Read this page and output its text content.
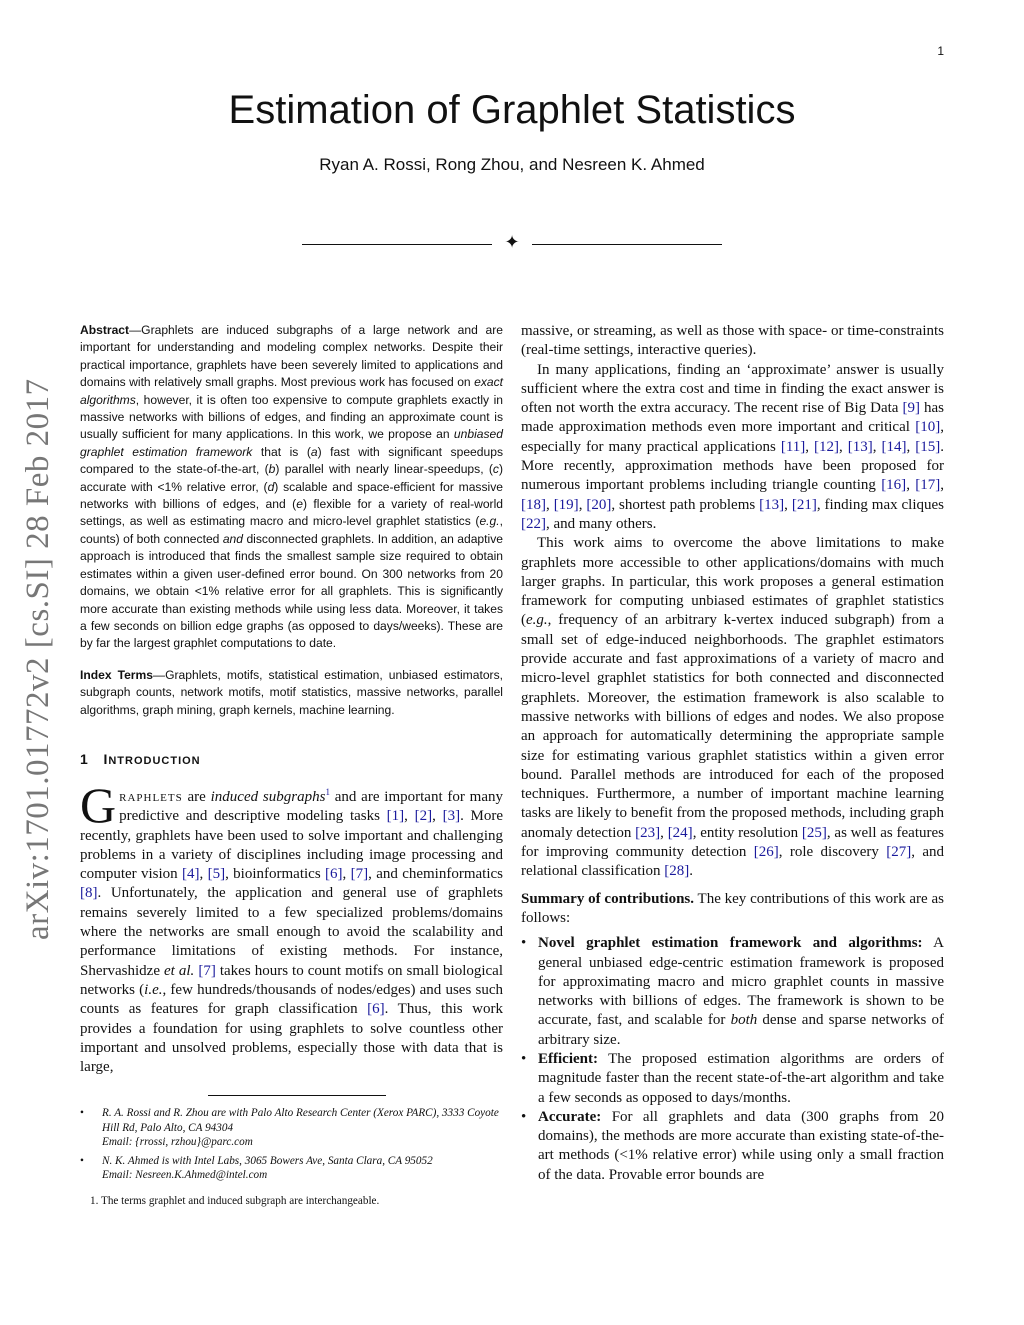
1
Estimation of Graphlet Statistics
Ryan A. Rossi, Rong Zhou, and Nesreen K. Ahmed
✦
arXiv:1701.01772v2 [cs.SI] 28 Feb 2017
Abstract—Graphlets are induced subgraphs of a large network and are important for understanding and modeling complex networks. Despite their practical importance, graphlets have been severely limited to applications and domains with relatively small graphs. Most previous work has focused on exact algorithms, however, it is often too expensive to compute graphlets exactly in massive networks with billions of edges, and finding an approximate count is usually sufficient for many applications. In this work, we propose an unbiased graphlet estimation framework that is (a) fast with significant speedups compared to the state-of-the-art, (b) parallel with nearly linear-speedups, (c) accurate with <1% relative error, (d) scalable and space-efficient for massive networks with billions of edges, and (e) flexible for a variety of real-world settings, as well as estimating macro and micro-level graphlet statistics (e.g., counts) of both connected and disconnected graphlets. In addition, an adaptive approach is introduced that finds the smallest sample size required to obtain estimates within a given user-defined error bound. On 300 networks from 20 domains, we obtain <1% relative error for all graphlets. This is significantly more accurate than existing methods while using less data. Moreover, it takes a few seconds on billion edge graphs (as opposed to days/weeks). These are by far the largest graphlet computations to date.
Index Terms—Graphlets, motifs, statistical estimation, unbiased estimators, subgraph counts, network motifs, motif statistics, massive networks, parallel algorithms, graph mining, graph kernels, machine learning.
1 INTRODUCTION
Graphlets are induced subgraphs$^1$ and are important for many predictive and descriptive modeling tasks [1], [2], [3]. More recently, graphlets have been used to solve important and challenging problems in a variety of disciplines including image processing and computer vision [4], [5], bioinformatics [6], [7], and cheminformatics [8]. Unfortunately, the application and general use of graphlets remains severely limited to a few specialized problems/domains where the networks are small enough to avoid the scalability and performance limitations of existing methods. For instance, Shervashidze et al. [7] takes hours to count motifs on small biological networks (i.e., few hundreds/thousands of nodes/edges) and uses such counts as features for graph classification [6]. Thus, this work provides a foundation for using graphlets to solve countless other important and unsolved problems, especially those with data that is large,
• R. A. Rossi and R. Zhou are with Palo Alto Research Center (Xerox PARC), 3333 Coyote Hill Rd, Palo Alto, CA 94304
Email: {rrossi, rzhou}@parc.com
• N. K. Ahmed is with Intel Labs, 3065 Bowers Ave, Santa Clara, CA 95052
Email: Nesreen.K.Ahmed@intel.com
1. The terms graphlet and induced subgraph are interchangeable.

massive, or streaming, as well as those with space- or time-constraints (real-time settings, interactive queries).

In many applications, finding an ‘approximate’ answer is usually sufficient where the extra cost and time in finding the exact answer is often not worth the extra accuracy. The recent rise of Big Data [9] has made approximation methods even more important and critical [10], especially for many practical applications [11], [12], [13], [14], [15]. More recently, approximation methods have been proposed for numerous important problems including triangle counting [16], [17], [18], [19], [20], shortest path problems [13], [21], finding max cliques [22], and many others.

This work aims to overcome the above limitations to make graphlets more accessible to other applications/domains with much larger graphs. In particular, this work proposes a general estimation framework for computing unbiased estimates of graphlet statistics (e.g., frequency of an arbitrary k-vertex induced subgraph) from a small set of edge-induced neighborhoods. The graphlet estimators provide accurate and fast approximations of a variety of macro and micro-level graphlet statistics for both connected and disconnected graphlets. Moreover, the estimation framework is also scalable to massive networks with billions of edges and nodes. We also propose an approach for automatically determining the appropriate sample size for estimating various graphlet statistics within a given error bound. Parallel methods are introduced for each of the proposed techniques. Furthermore, a number of important machine learning tasks are likely to benefit from the proposed methods, including graph anomaly detection [23], [24], entity resolution [25], as well as features for improving community detection [26], role discovery [27], and relational classification [28].

Summary of contributions. The key contributions of this work are as follows:

• Novel graphlet estimation framework and algorithms: A general unbiased edge-centric estimation framework is proposed for approximating macro and micro graphlet counts in massive networks with billions of edges. The framework is shown to be accurate, fast, and scalable for both dense and sparse networks of arbitrary size.
• Efficient: The proposed estimation algorithms are orders of magnitude faster than the recent state-of-the-art algorithm and take a few seconds as opposed to days/months.
• Accurate: For all graphlets and data (300 graphs from 20 domains), the methods are more accurate than existing state-of-the-art methods (<1% relative error) while using only a small fraction of the data. Provable error bounds are
